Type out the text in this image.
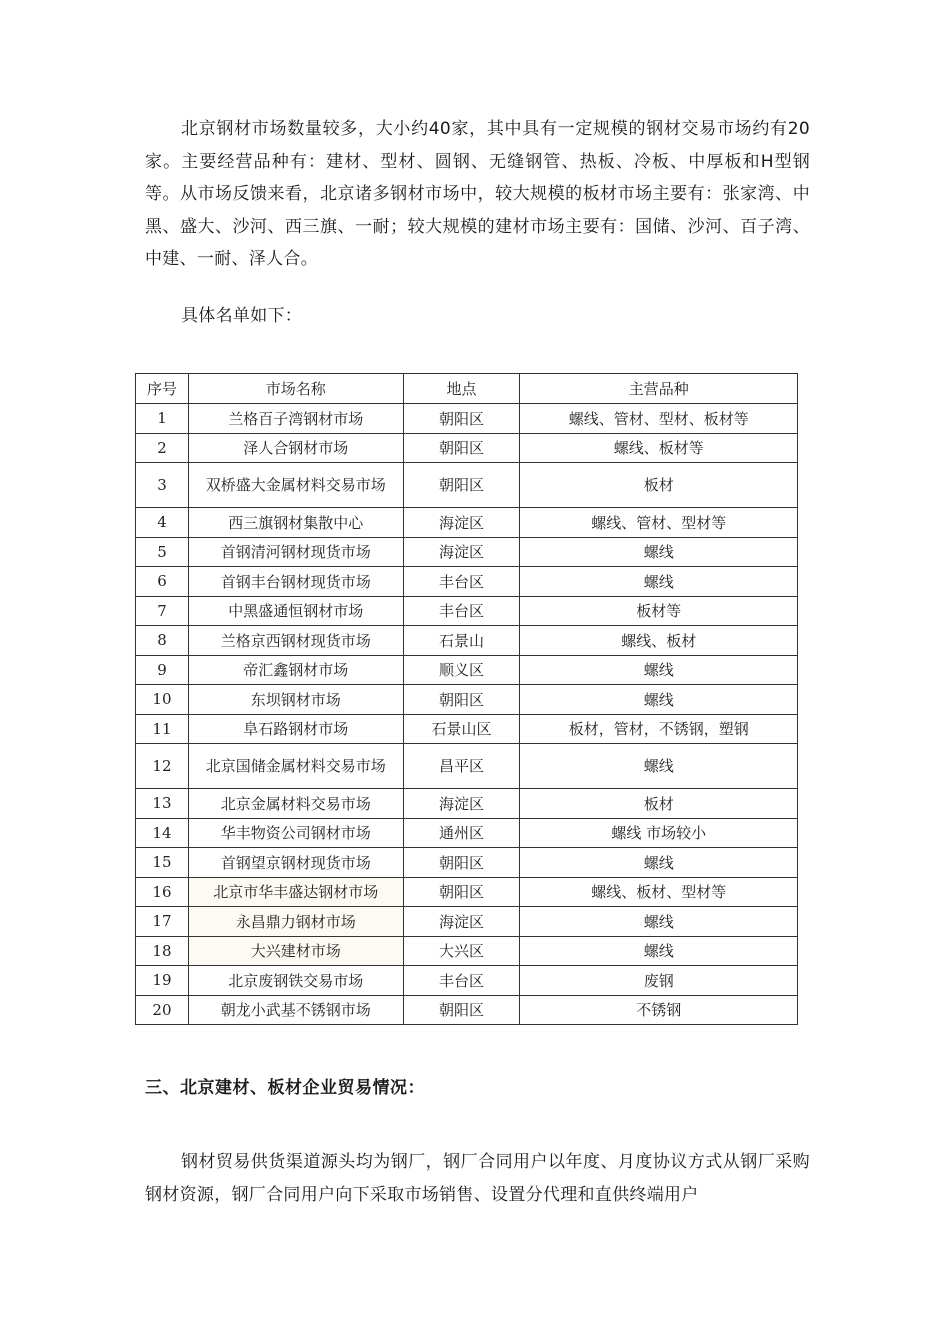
北京钢材市场数量较多，大小约40家，其中具有一定规模的钢材交易市场约有20家。主要经营品种有：建材、型材、圆钢、无缝钢管、热板、冷板、中厚板和H型钢等。从市场反馈来看，北京诸多钢材市场中，较大规模的板材市场主要有：张家湾、中黑、盛大、沙河、西三旗、一耐；较大规模的建材市场主要有：国储、沙河、百子湾、中建、一耐、泽人合。

具体名单如下：

序号	市场名称	地点	主营品种
1	兰格百子湾钢材市场	朝阳区	螺线、管材、型材、板材等
2	泽人合钢材市场	朝阳区	螺线、板材等
3	双桥盛大金属材料交易市场	朝阳区	板材
4	西三旗钢材集散中心	海淀区	螺线、管材、型材等
5	首钢清河钢材现货市场	海淀区	螺线
6	首钢丰台钢材现货市场	丰台区	螺线
7	中黑盛通恒钢材市场	丰台区	板材等
8	兰格京西钢材现货市场	石景山	螺线、板材
9	帝汇鑫钢材市场	顺义区	螺线
10	东坝钢材市场	朝阳区	螺线
11	阜石路钢材市场	石景山区	板材，管材，不锈钢，塑钢
12	北京国储金属材料交易市场	昌平区	螺线
13	北京金属材料交易市场	海淀区	板材
14	华丰物资公司钢材市场	通州区	螺线 市场较小
15	首钢望京钢材现货市场	朝阳区	螺线
16	北京市华丰盛达钢材市场	朝阳区	螺线、板材、型材等
17	永昌鼎力钢材市场	海淀区	螺线
18	大兴建材市场	大兴区	螺线
19	北京废钢铁交易市场	丰台区	废钢
20	朝龙小武基不锈钢市场	朝阳区	不锈钢
三、北京建材、板材企业贸易情况：

钢材贸易供货渠道源头均为钢厂，钢厂合同用户以年度、月度协议方式从钢厂采购钢材资源，钢厂合同用户向下采取市场销售、设置分代理和直供终端用户
